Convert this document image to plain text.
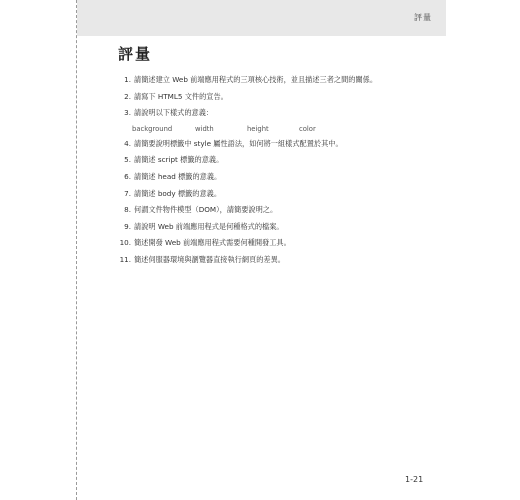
評量
評量
1. 請簡述建立 Web 前端應用程式的三項核心技術，並且描述三者之間的關係。
2. 請寫下 HTML5 文件的宣告。
3. 請說明以下樣式的意義：
background	width	height	color
4. 請簡要說明標籤中 style 屬性語法，如何將一組樣式配置於其中。
5. 請簡述 script 標籤的意義。
6. 請簡述 head 標籤的意義。
7. 請簡述 body 標籤的意義。
8. 何謂文件物件模型（DOM），請簡要說明之。
9. 請說明 Web 前端應用程式是何種格式的檔案。
10. 簡述開發 Web 前端應用程式需要何種開發工具。
11. 簡述伺服器環境與瀏覽器直接執行網頁的差異。
1-21
